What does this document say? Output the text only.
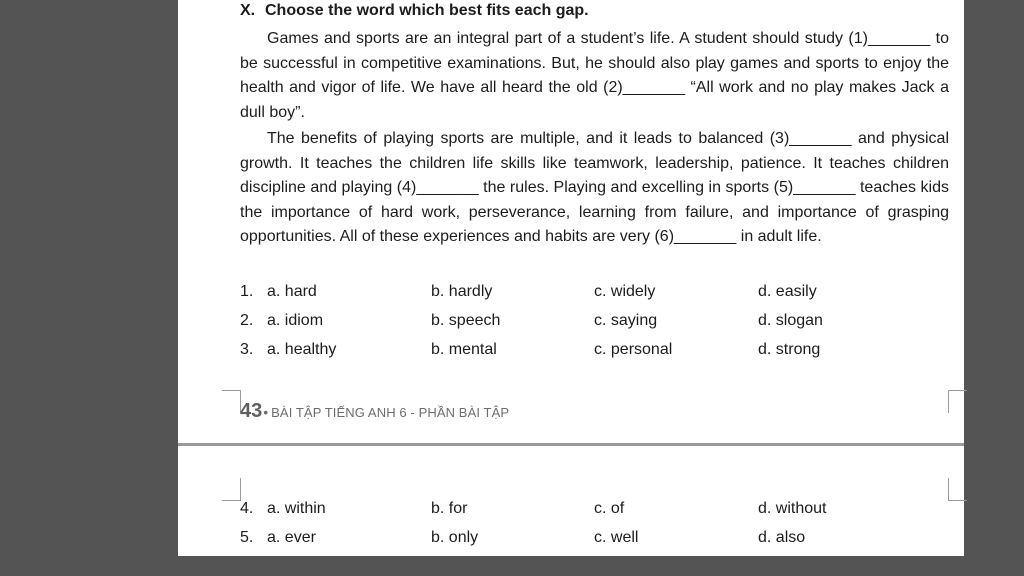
X. Choose the word which best fits each gap.

Games and sports are an integral part of a student’s life. A student should study (1)_______ to be successful in competitive examinations. But, he should also play games and sports to enjoy the health and vigor of life. We have all heard the old (2)_______ “All work and no play makes Jack a dull boy”.

The benefits of playing sports are multiple, and it leads to balanced (3)_______ and physical growth. It teaches the children life skills like teamwork, leadership, patience. It teaches children discipline and playing (4)_______ the rules. Playing and excelling in sports (5)_______ teaches kids the importance of hard work, perseverance, learning from failure, and importance of grasping opportunities. All of these experiences and habits are very (6)_______ in adult life.

1. a. hard	b. hardly	c. widely	d. easily
2. a. idiom	b. speech	c. saying	d. slogan
3. a. healthy	b. mental	c. personal	d. strong
43• BÀI TẬP TIẾNG ANH 6 - PHẦN BÀI TẬP
4. a. within	b. for	c. of	d. without
5. a. ever	b. only	c. well	d. also
